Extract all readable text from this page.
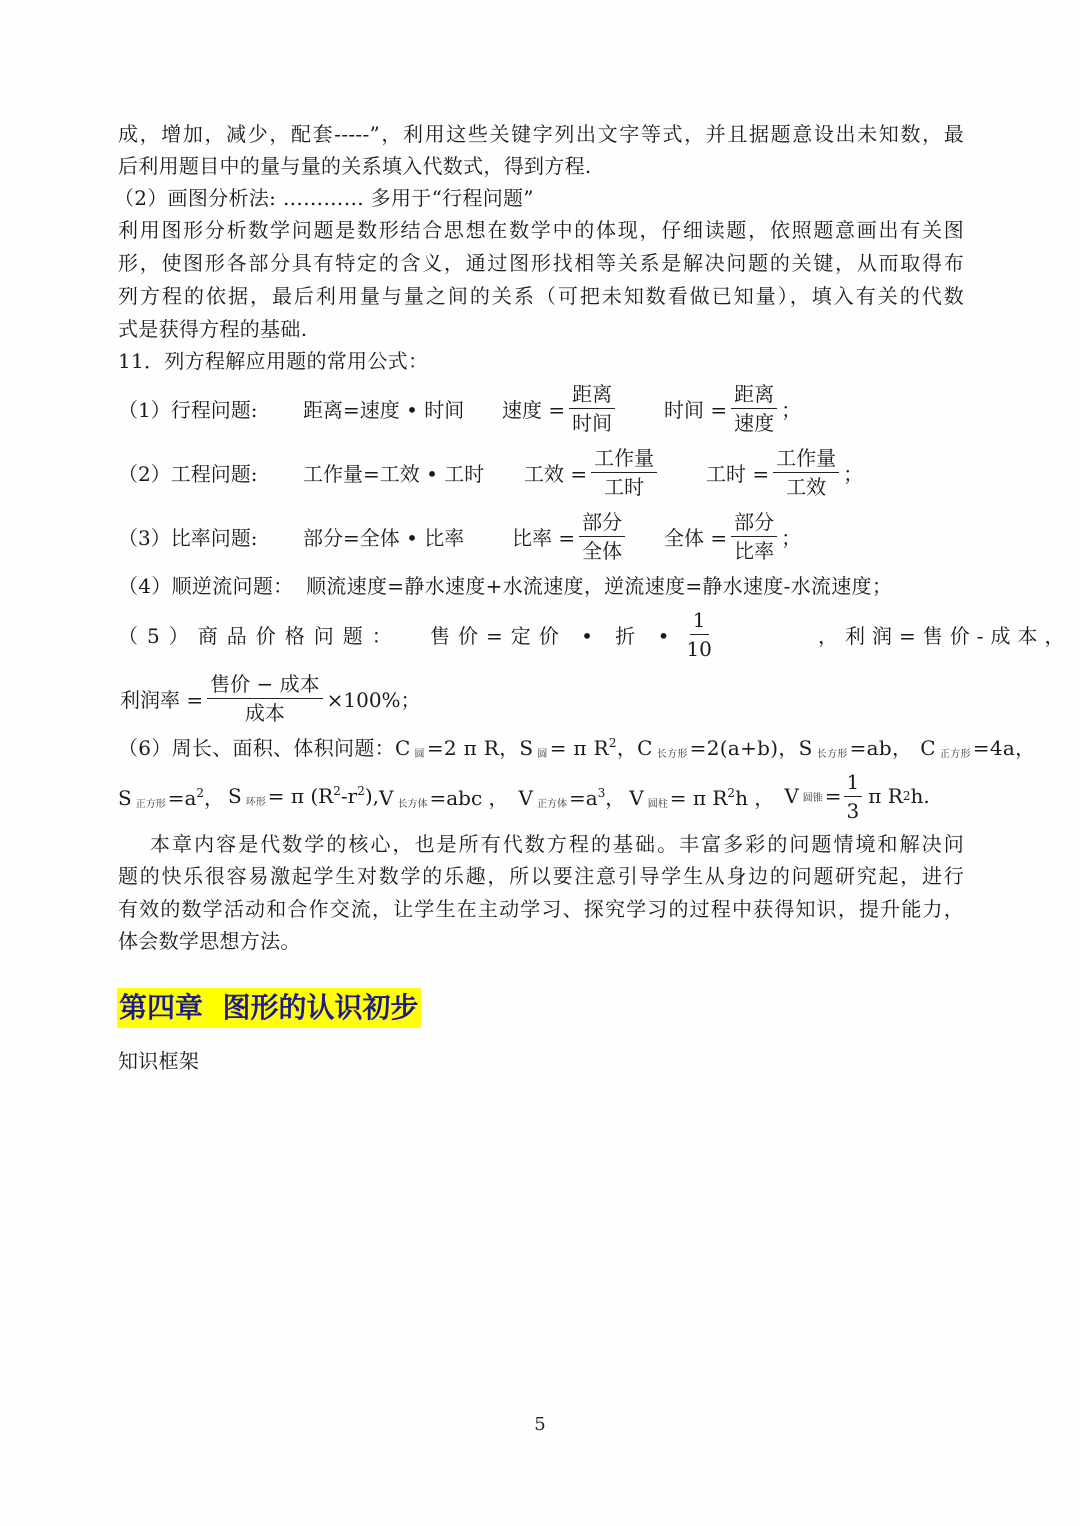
成，增加，减少，配套-----”，利用这些关键字列出文字等式，并且据题意设出未知数，最
后利用题目中的量与量的关系填入代数式，得到方程.
（2）画图分析法: ………… 多用于“行程问题”
利用图形分析数学问题是数形结合思想在数学中的体现，仔细读题，依照题意画出有关图
形，使图形各部分具有特定的含义，通过图形找相等关系是解决问题的关键，从而取得布
列方程的依据，最后利用量与量之间的关系（可把未知数看做已知量），填入有关的代数
式是获得方程的基础.
11．列方程解应用题的常用公式：
（1）行程问题: 距离=速度 • 时间 速度 = $\frac{\text{距离}}{\text{时间}}$ 时间 = $\frac{\text{距离}}{\text{速度}}$ ；
（2）工程问题: 工作量=工效 • 工时 工效 = $\frac{\text{工作量}}{\text{工时}}$ 工时 = $\frac{\text{工作量}}{\text{工效}}$ ；
（3）比率问题: 部分=全体 • 比率 比率 = $\frac{\text{部分}}{\text{全体}}$ 全体 = $\frac{\text{部分}}{\text{比率}}$ ；
（4）顺逆流问题： 顺流速度=静水速度+水流速度，逆流速度=静水速度-水流速度；
（5）商品价格问题： 售价=定价 • 折 • $\frac{1}{10}$	，利润=售价-成本，
利润率 = $\frac{\text{售价 − 成本}}{\text{成本}} \times 100\%$；
（6）周长、面积、体积问题：C 圆 =2 π R，S 圆 = π $R^2$，C 长方形 =2(a+b)，S 长方形 =ab， C 正方形 =4a，
S正方形 $=a^2$， S环形 = π $(R^2-r^2)$, V长方体 =abc ， V正方体 $=a^3$， V圆柱 = π $R^2h$ ， V 圆锥 = $\frac{1}{3}$ π R 2 h.
本章内容是代数学的核心，也是所有代数方程的基础。丰富多彩的问题情境和解决问
题的快乐很容易激起学生对数学的乐趣，所以要注意引导学生从身边的问题研究起，进行
有效的数学活动和合作交流，让学生在主动学习、探究学习的过程中获得知识，提升能力，
体会数学思想方法。
第四章  图形的认识初步
知识框架
5
